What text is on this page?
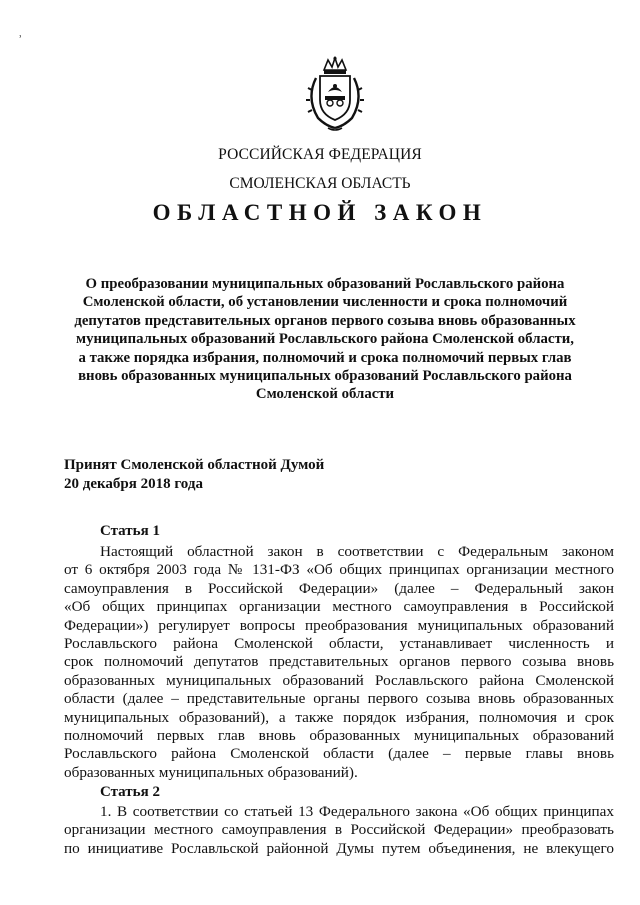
ʾ
РОССИЙСКАЯ ФЕДЕРАЦИЯ
СМОЛЕНСКАЯ ОБЛАСТЬ
ОБЛАСТНОЙ ЗАКОН
О преобразовании муниципальных образований Рославльского района
Смоленской области, об установлении численности и срока полномочий
депутатов представительных органов первого созыва вновь образованных
муниципальных образований Рославльского района Смоленской области,
а также порядка избрания, полномочий и срока полномочий первых глав
вновь образованных муниципальных образований Рославльского района
Смоленской области
Принят Смоленской областной Думой
20 декабря 2018 года
Статья 1
Настоящий областной закон в соответствии с Федеральным законом
от 6 октября 2003 года № 131-ФЗ «Об общих принципах организации местного
самоуправления в Российской Федерации» (далее – Федеральный закон
«Об общих принципах организации местного самоуправления в Российской
Федерации») регулирует вопросы преобразования муниципальных образований
Рославльского района Смоленской области, устанавливает численность и
срок полномочий депутатов представительных органов первого созыва вновь
образованных муниципальных образований Рославльского района Смоленской
области (далее – представительные органы первого созыва вновь образованных
муниципальных образований), а также порядок избрания, полномочия и срок
полномочий первых глав вновь образованных муниципальных образований
Рославльского района Смоленской области (далее – первые главы вновь
образованных муниципальных образований).
Статья 2
1. В соответствии со статьей 13 Федерального закона «Об общих принципах
организации местного самоуправления в Российской Федерации» преобразовать
по инициативе Рославльской районной Думы путем объединения, не влекущего
